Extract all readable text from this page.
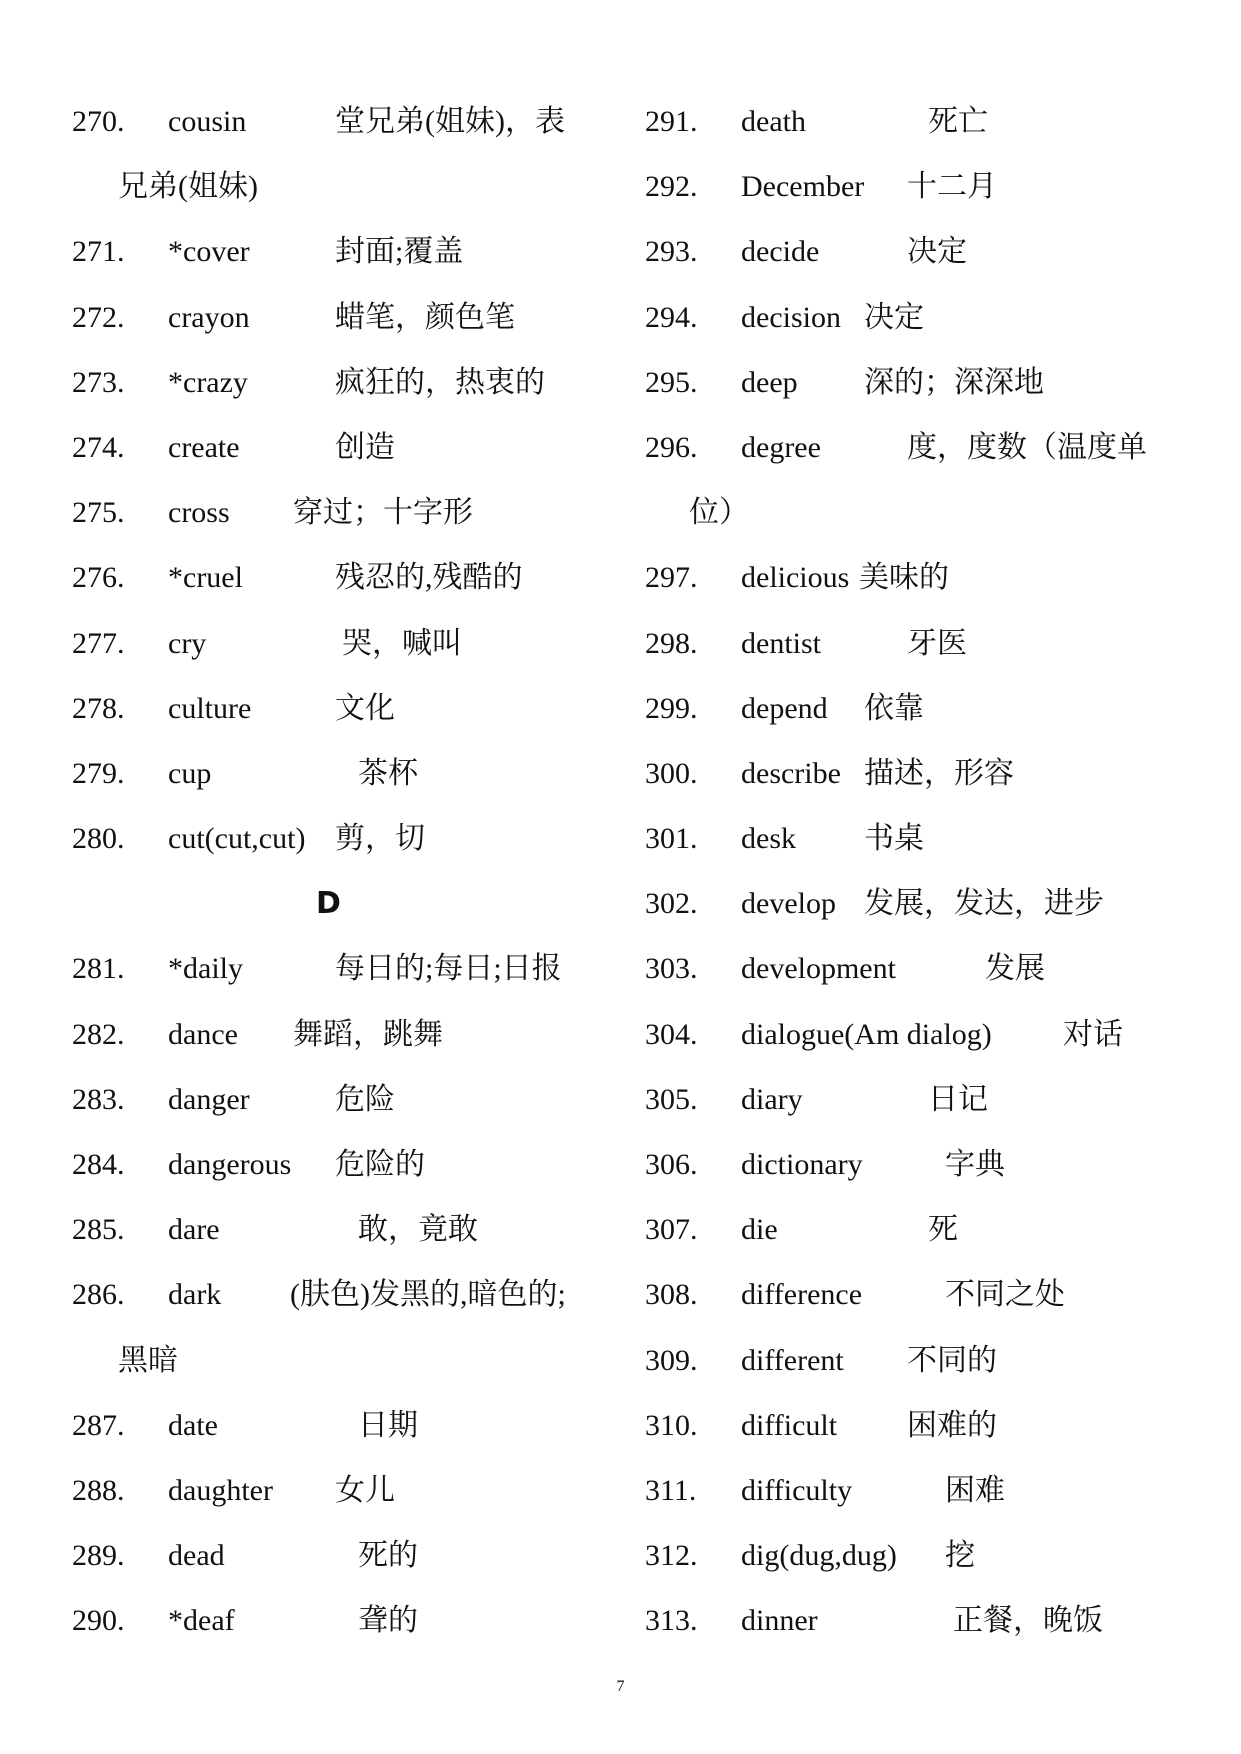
270. cousin	堂兄弟(姐妹)，表
兄弟(姐妹)
271. *cover	封面;覆盖
272. crayon	蜡笔，颜色笔
273. *crazy	疯狂的，热衷的
274. create	创造
275. cross 穿过；十字形
276. *cruel	残忍的,残酷的
277. cry	哭，喊叫
278. culture	文化
279. cup	茶杯
280. cut(cut,cut) 剪，切
D
281. *daily	每日的;每日;日报
282. dance 舞蹈，跳舞
283. danger	危险
284. dangerous 危险的
285. dare	敢，竟敢
286. dark (肤色)发黑的,暗色的;
黑暗
287. date	日期
288. daughter 女儿
289. dead	死的
290. *deaf	聋的
291. death	死亡
292. December 十二月
293. decide	决定
294. decision 决定
295. deep 深的；深深地
296. degree	度，度数（温度单
位）
297. delicious 美味的
298. dentist	牙医
299. depend 依靠
300. describe 描述，形容
301. desk 书桌
302. develop 发展，发达，进步
303. development	发展
304. dialogue(Am dialog) 对话
305. diary	日记
306. dictionary	字典
307. die	死
308. difference	不同之处
309. different 不同的
310. difficult 困难的
311. difficulty	困难
312. dig(dug,dug) 挖
313. dinner	正餐，晚饭
7
